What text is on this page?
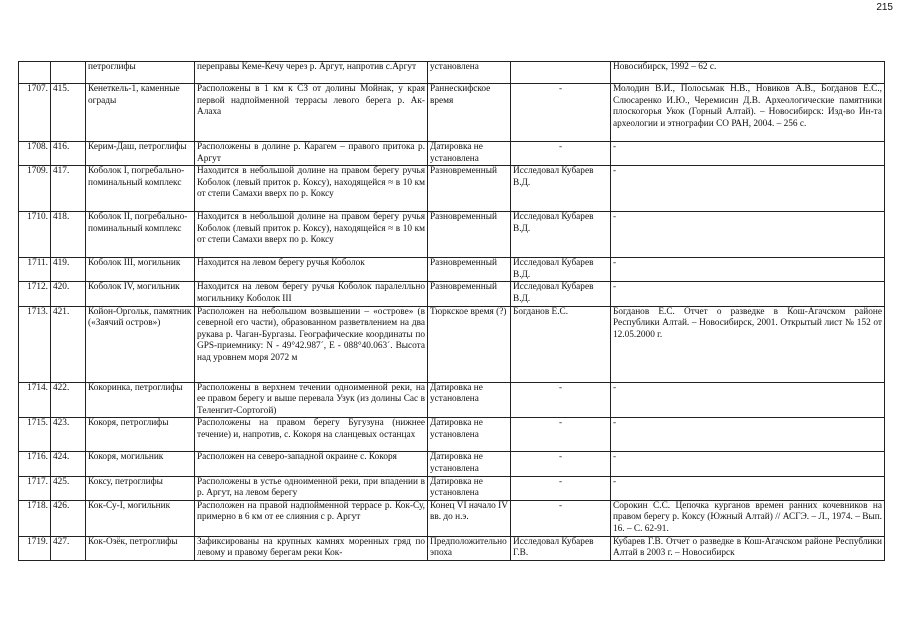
215
		петроглифы	переправы Кеме-Кечу через р. Аргут, напротив с.Аргут	установлена		Новосибирск, 1992 – 62 с.
1707.	415.	Кенеткель-1, каменные ограды	Расположены в 1 км к СЗ от долины Мойнак, у края первой надпойменной террасы левого берега р. Ак-Алаха	Раннескифское время	-	Молодин В.И., Полосьмак Н.В., Новиков А.В., Богданов Е.С., Слюсаренко И.Ю., Черемисин Д.В. Археологические памятники плоскогорья Укок (Горный Алтай). – Новосибирск: Изд-во Ин-та археологии и этнографии СО РАН, 2004. – 256 с.
1708.	416.	Керим-Даш, петроглифы	Расположены в долине р. Карагем – правого притока р. Аргут	Датировка не установлена	-	-
1709.	417.	Коболок I, погребально-поминальный комплекс	Находится в небольшой долине на правом берегу ручья Коболок (левый приток р. Коксу), находящейся ≈ в 10 км от степи Самахи вверх по р. Коксу	Разновременный	Исследовал Кубарев В.Д.	-
1710.	418.	Коболок II, погребально-поминальный комплекс	Находится в небольшой долине на правом берегу ручья Коболок (левый приток р. Коксу), находящейся ≈ в 10 км от степи Самахи вверх по р. Коксу	Разновременный	Исследовал Кубарев В.Д.	-
1711.	419.	Коболок III, могильник	Находится на левом берегу ручья Коболок	Разновременный	Исследовал Кубарев В.Д.	-
1712.	420.	Коболок IV, могильник	Находится на левом берегу ручья Коболок паралелльно могильнику Коболок III	Разновременный	Исследовал Кубарев В.Д.	-
1713.	421.	Койон-Оргольк, памятник («Заячий остров»)	Расположен на небольшом возвышении – «острове» (в северной его части), образованном разветвлением на два рукава р. Чаган-Бургазы. Географические координаты по GPS-приемнику: N - 49°42.987´, E - 088°40.063´. Высота над уровнем моря 2072 м	Тюркское время (?)	Богданов Е.С.	Богданов Е.С. Отчет о разведке в Кош-Агачском районе Республики Алтай. – Новосибирск, 2001. Открытый лист № 152 от 12.05.2000 г.
1714.	422.	Кокоринка, петроглифы	Расположены в верхнем течении одноименной реки, на ее правом берегу и выше перевала Узук (из долины Сас в Теленгит-Сортогой)	Датировка не установлена	-	-
1715.	423.	Кокоря, петроглифы	Расположены на правом берегу Бугузуна (нижнее течение) и, напротив, с. Кокоря на сланцевых останцах	Датировка не установлена	-	-
1716.	424.	Кокоря, могильник	Расположен на северо-западной окраине с. Кокоря	Датировка не установлена	-	-
1717.	425.	Коксу, петроглифы	Расположены в устье одноименной реки, при впадении в р. Аргут, на левом берегу	Датировка не установлена	-	-
1718.	426.	Кок-Су-I, могильник	Расположен на правой надпойменной террасе р. Кок-Су, примерно в 6 км от ее слияния с р. Аргут	Конец VI начало IV вв. до н.э.	-	Сорокин С.С. Цепочка курганов времен ранних кочевников на правом берегу р. Коксу (Южный Алтай) // АСГЭ. – Л., 1974. – Вып. 16. – С. 62-91.
1719.	427.	Кок-Озёк, петроглифы	Зафиксированы на крупных камнях моренных гряд по левому и правому берегам реки Кок-	Предположительно эпоха	Исследовал Кубарев Г.В.	Кубарев Г.В. Отчет о разведке в Кош-Агачском районе Республики Алтай в 2003 г. – Новосибирск
